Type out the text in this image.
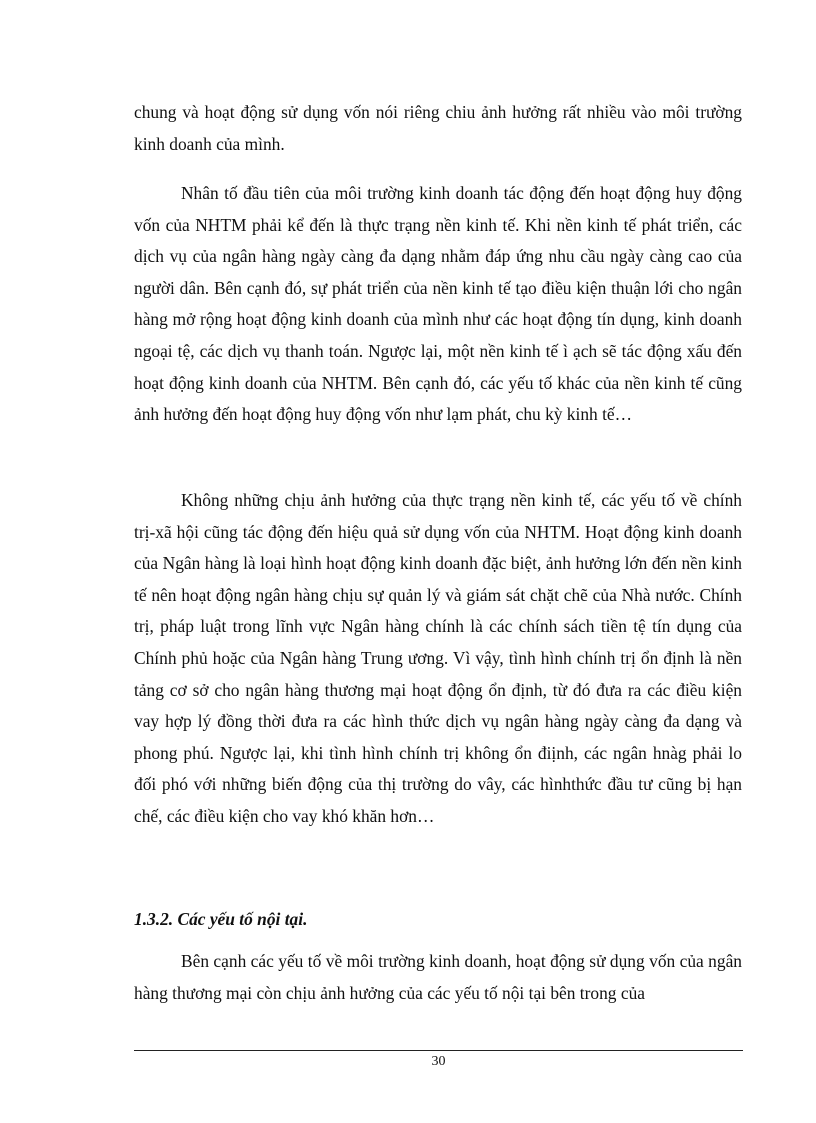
chung và hoạt động sử dụng vốn nói riêng chiu ảnh hưởng rất nhiều vào môi trường kinh doanh của mình.

Nhân tố đầu tiên của môi trường kinh doanh tác động đến hoạt động huy động vốn của NHTM phải kể đến là thực trạng nền kinh tế. Khi nền kinh tế phát triển, các dịch vụ của ngân hàng ngày càng đa dạng nhằm đáp ứng nhu cầu ngày càng cao của người dân. Bên cạnh đó, sự phát triển của nền kinh tế tạo điều kiện thuận lới cho ngân hàng mở rộng hoạt động kinh doanh của mình như các hoạt động tín dụng, kinh doanh ngoại tệ, các dịch vụ thanh toán. Ngược lại, một nền kinh tế ì ạch sẽ tác động xấu đến hoạt động kinh doanh của NHTM. Bên cạnh đó, các yếu tố khác của nền kinh tế cũng ảnh hưởng đến hoạt động huy động vốn như lạm phát, chu kỳ kinh tế…

Không những chịu ảnh hưởng của thực trạng nền kinh tế, các yếu tố về chính trị-xã hội cũng tác động đến hiệu quả sử dụng vốn của NHTM. Hoạt động kinh doanh của Ngân hàng là loại hình hoạt động kinh doanh đặc biệt, ảnh hưởng lớn đến nền kinh tế nên hoạt động ngân hàng chịu sự quản lý và giám sát chặt chẽ của Nhà nước. Chính trị, pháp luật trong lĩnh vực Ngân hàng chính là các chính sách tiền tệ tín dụng của Chính phủ hoặc của Ngân hàng Trung ương. Vì vậy, tình hình chính trị ổn định là nền tảng cơ sở cho ngân hàng thương mại hoạt động ổn định, từ đó đưa ra các điều kiện vay hợp lý đồng thời đưa ra các hình thức dịch vụ ngân hàng ngày càng đa dạng và phong phú. Ngược lại, khi tình hình chính trị không ổn điịnh, các ngân hnàg phải lo đối phó với những biến động của thị trường do vây, các hìnhthức đầu tư cũng bị hạn chế, các điều kiện cho vay khó khăn hơn…

1.3.2. Các yếu tố nội tại.

Bên cạnh các yếu tố về môi trường kinh doanh, hoạt động sử dụng vốn của ngân hàng thương mại còn chịu ảnh hưởng của các yếu tố nội tại bên trong của

30
